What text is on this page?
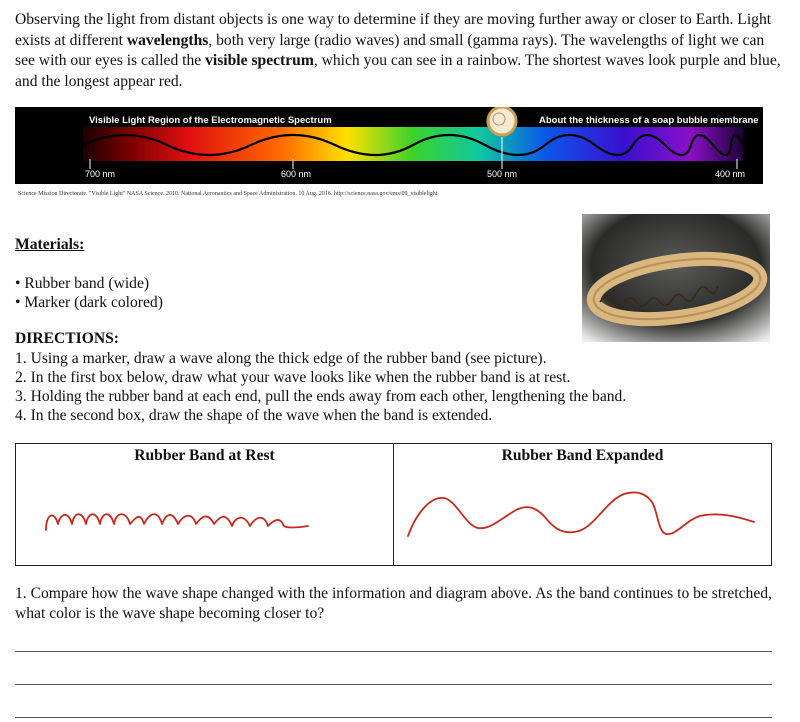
Observing the light from distant objects is one way to determine if they are moving further away or closer to Earth. Light exists at different wavelengths, both very large (radio waves) and small (gamma rays). The wavelengths of light we can see with our eyes is called the visible spectrum, which you can see in a rainbow. The shortest waves look purple and blue, and the longest appear red.
Visible Light Region of the Electromagnetic Spectrum	About the thickness of a soap bubble membrane
700 nm	600 nm	500 nm	400 nm
Science Mission Directorate. "Visible Light" NASA Science. 2010. National Aeronautics and Space Administration. 10 Aug. 2016. http://science.nasa.gov/ems/09_visiblelight
Materials:
• Rubber band (wide)
• Marker (dark colored)
DIRECTIONS:
1. Using a marker, draw a wave along the thick edge of the rubber band (see picture).
2. In the first box below, draw what your wave looks like when the rubber band is at rest.
3. Holding the rubber band at each end, pull the ends away from each other, lengthening the band.
4. In the second box, draw the shape of the wave when the band is extended.
Rubber Band at Rest	Rubber Band Expanded
1. Compare how the wave shape changed with the information and diagram above. As the band continues to be stretched, what color is the wave shape becoming closer to?
